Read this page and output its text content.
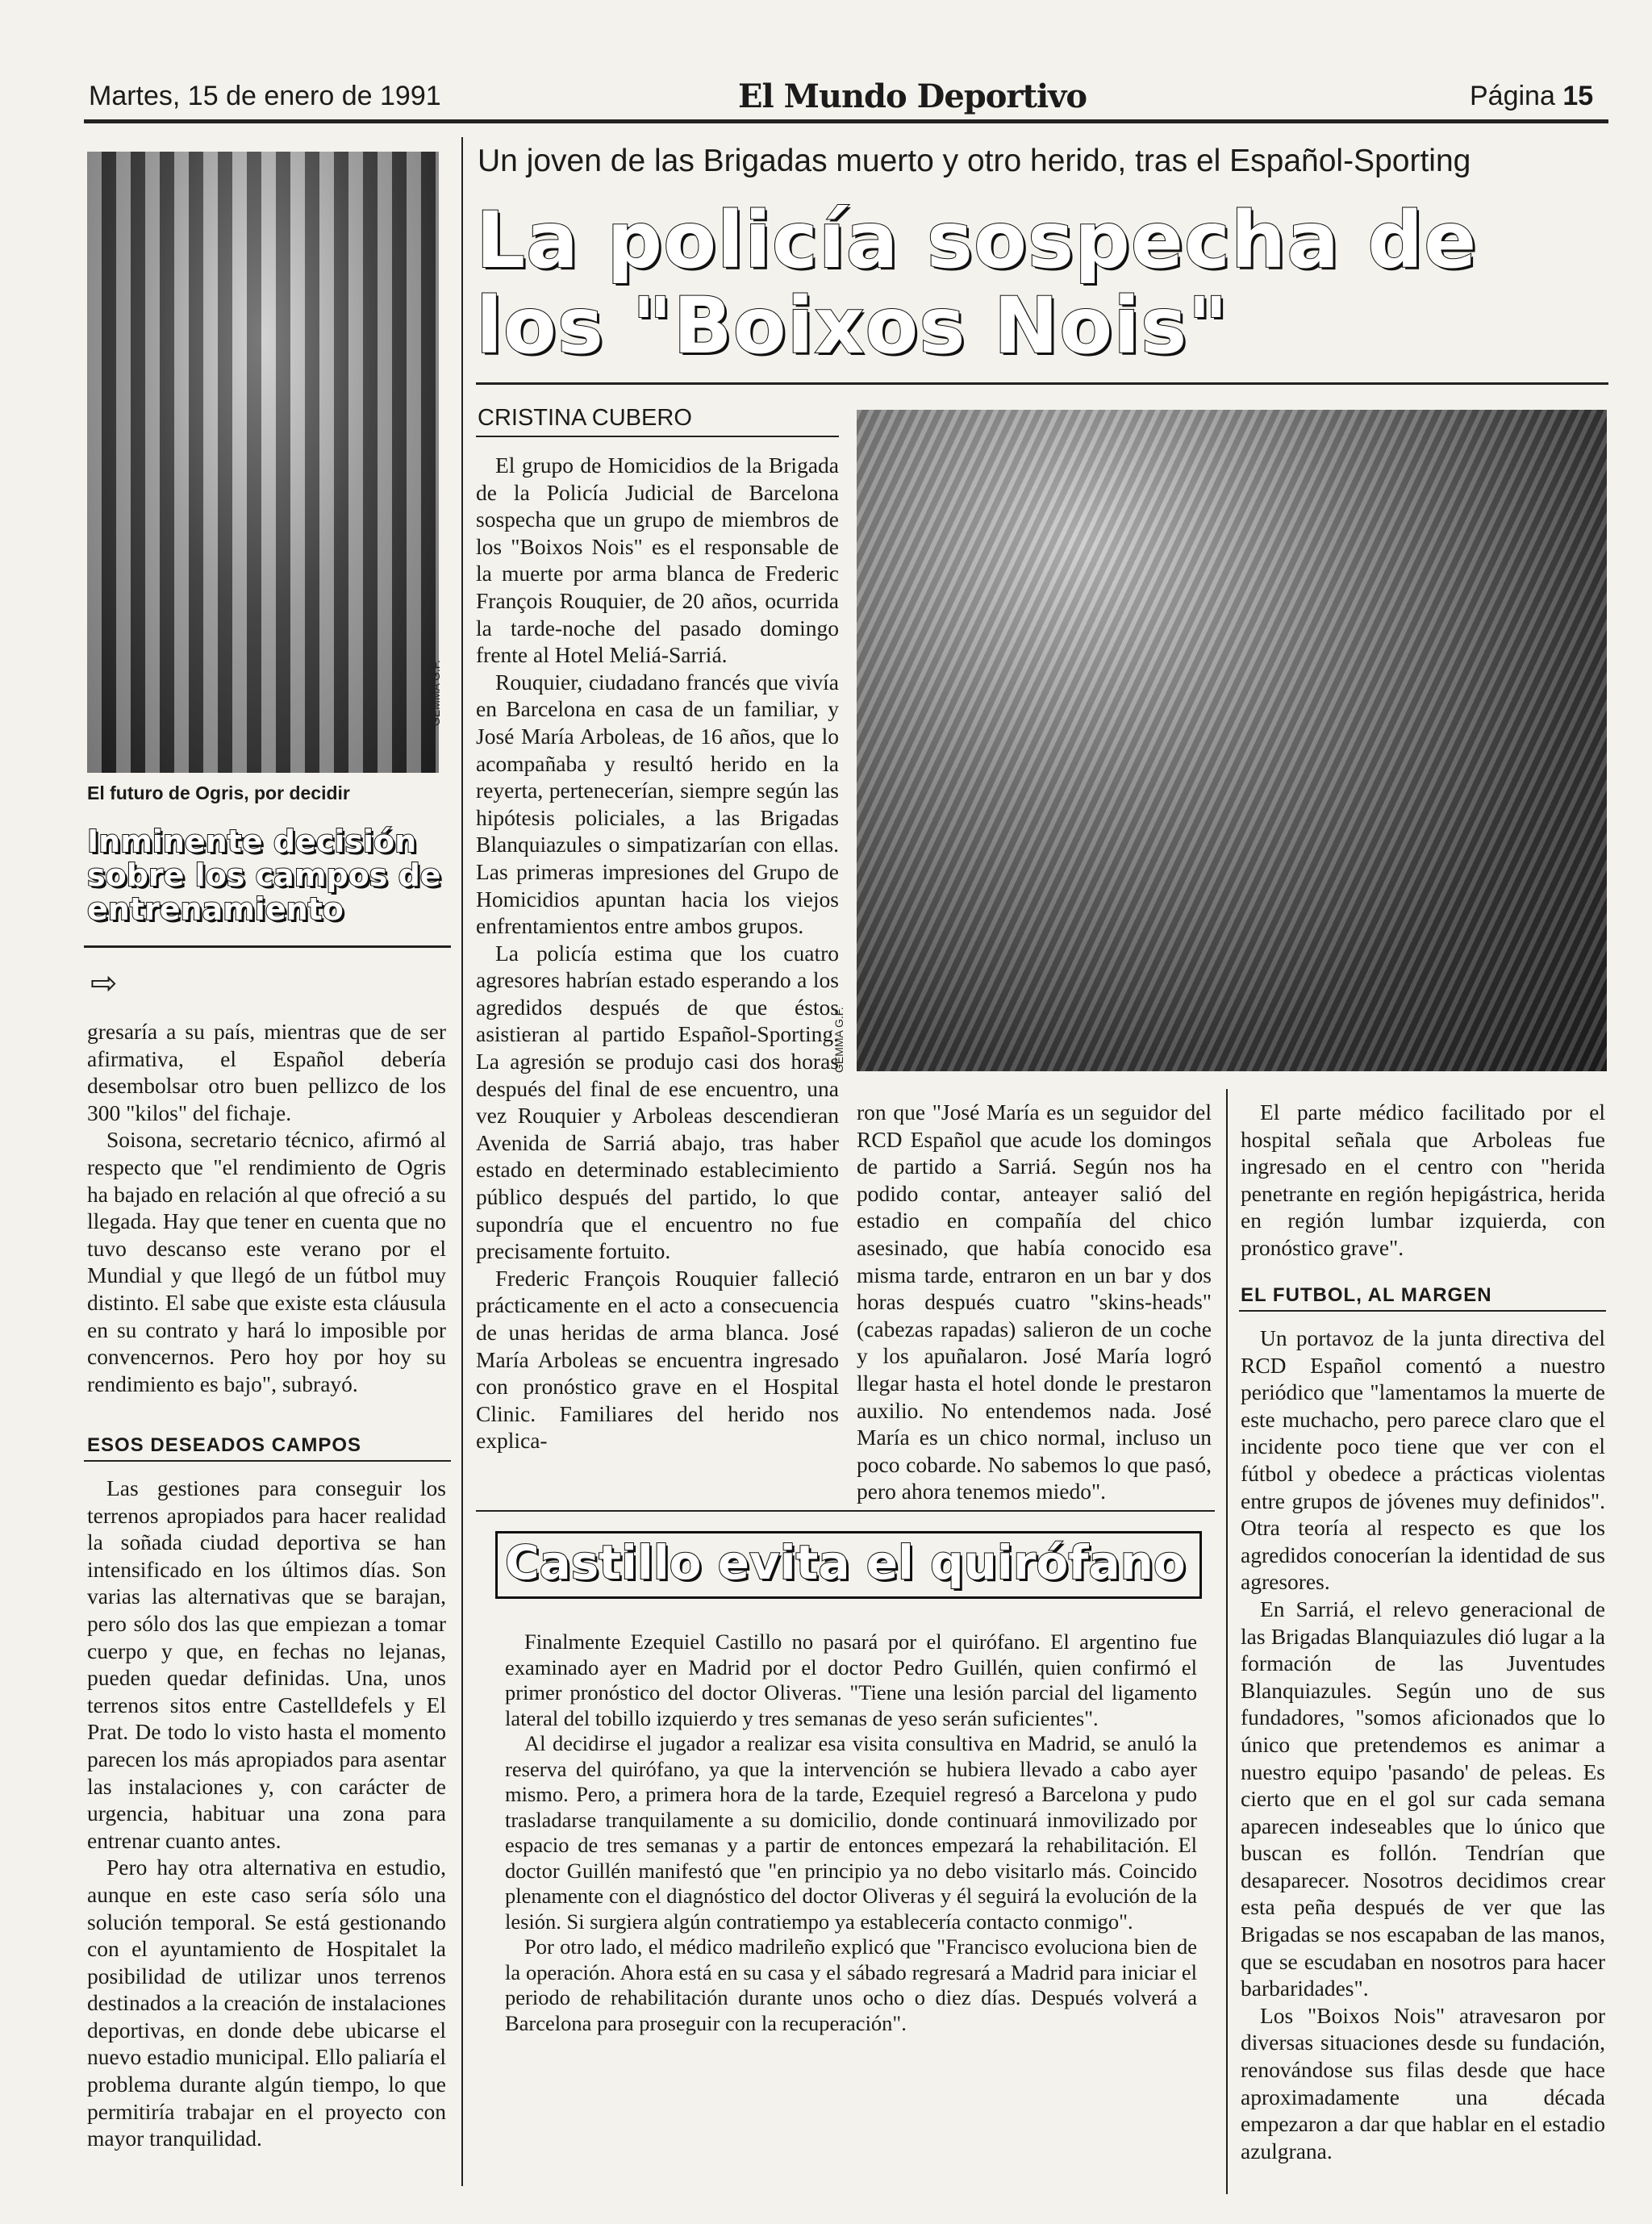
Martes, 15 de enero de 1991	El Mundo Deportivo	Página 15
GEMMA G.F.
El futuro de Ogris, por decidir
Inminente decisión sobre los campos de entrenamiento
⇨

gresaría a su país, mientras que de ser afirmativa, el Español debería desembolsar otro buen pellizco de los 300 "kilos" del fichaje.

Soisona, secretario técnico, afirmó al respecto que "el rendimiento de Ogris ha bajado en relación al que ofreció a su llegada. Hay que tener en cuenta que no tuvo descanso este verano por el Mundial y que llegó de un fútbol muy distinto. El sabe que existe esta cláusula en su contrato y hará lo imposible por convencernos. Pero hoy por hoy su rendimiento es bajo", subrayó.

ESOS DESEADOS CAMPOS

Las gestiones para conseguir los terrenos apropiados para hacer realidad la soñada ciudad deportiva se han intensificado en los últimos días. Son varias las alternativas que se barajan, pero sólo dos las que empiezan a tomar cuerpo y que, en fechas no lejanas, pueden quedar definidas. Una, unos terrenos sitos entre Castelldefels y El Prat. De todo lo visto hasta el momento parecen los más apropiados para asentar las instalaciones y, con carácter de urgencia, habituar una zona para entrenar cuanto antes.

Pero hay otra alternativa en estudio, aunque en este caso sería sólo una solución temporal. Se está gestionando con el ayuntamiento de Hospitalet la posibilidad de utilizar unos terrenos destinados a la creación de instalaciones deportivas, en donde debe ubicarse el nuevo estadio municipal. Ello paliaría el problema durante algún tiempo, lo que permitiría trabajar en el proyecto con mayor tranquilidad.

Un joven de las Brigadas muerto y otro herido, tras el Español-Sporting
La policía sospecha de
los "Boixos Nois"
CRISTINA CUBERO
GEMMA G.F.

El grupo de Homicidios de la Brigada de la Policía Judicial de Barcelona sospecha que un grupo de miembros de los "Boixos Nois" es el responsable de la muerte por arma blanca de Frederic François Rouquier, de 20 años, ocurrida la tarde-noche del pasado domingo frente al Hotel Meliá-Sarriá.

Rouquier, ciudadano francés que vivía en Barcelona en casa de un familiar, y José María Arboleas, de 16 años, que lo acompañaba y resultó herido en la reyerta, pertenecerían, siempre según las hipótesis policiales, a las Brigadas Blanquiazules o simpatizarían con ellas. Las primeras impresiones del Grupo de Homicidios apuntan hacia los viejos enfrentamientos entre ambos grupos.

La policía estima que los cuatro agresores habrían estado esperando a los agredidos después de que éstos asistieran al partido Español-Sporting. La agresión se produjo casi dos horas después del final de ese encuentro, una vez Rouquier y Arboleas descendieran Avenida de Sarriá abajo, tras haber estado en determinado establecimiento público después del partido, lo que supondría que el encuentro no fue precisamente fortuito.

Frederic François Rouquier falleció prácticamente en el acto a consecuencia de unas heridas de arma blanca. José María Arboleas se encuentra ingresado con pronóstico grave en el Hospital Clinic. Familiares del herido nos explica-

ron que "José María es un seguidor del RCD Español que acude los domingos de partido a Sarriá. Según nos ha podido contar, anteayer salió del estadio en compañía del chico asesinado, que había conocido esa misma tarde, entraron en un bar y dos horas después cuatro "skins-heads" (cabezas rapadas) salieron de un coche y los apuñalaron. José María logró llegar hasta el hotel donde le prestaron auxilio. No entendemos nada. José María es un chico normal, incluso un poco cobarde. No sabemos lo que pasó, pero ahora tenemos miedo".

El parte médico facilitado por el hospital señala que Arboleas fue ingresado en el centro con "herida penetrante en región hepigástrica, herida en región lumbar izquierda, con pronóstico grave".

EL FUTBOL, AL MARGEN

Un portavoz de la junta directiva del RCD Español comentó a nuestro periódico que "lamentamos la muerte de este muchacho, pero parece claro que el incidente poco tiene que ver con el fútbol y obedece a prácticas violentas entre grupos de jóvenes muy definidos". Otra teoría al respecto es que los agredidos conocerían la identidad de sus agresores.

En Sarriá, el relevo generacional de las Brigadas Blanquiazules dió lugar a la formación de las Juventudes Blanquiazules. Según uno de sus fundadores, "somos aficionados que lo único que pretendemos es animar a nuestro equipo 'pasando' de peleas. Es cierto que en el gol sur cada semana aparecen indeseables que lo único que buscan es follón. Tendrían que desaparecer. Nosotros decidimos crear esta peña después de ver que las Brigadas se nos escapaban de las manos, que se escudaban en nosotros para hacer barbaridades".

Los "Boixos Nois" atravesaron por diversas situaciones desde su fundación, renovándose sus filas desde que hace aproximadamente una década empezaron a dar que hablar en el estadio azulgrana.

Castillo evita el quirófano

Finalmente Ezequiel Castillo no pasará por el quirófano. El argentino fue examinado ayer en Madrid por el doctor Pedro Guillén, quien confirmó el primer pronóstico del doctor Oliveras. "Tiene una lesión parcial del ligamento lateral del tobillo izquierdo y tres semanas de yeso serán suficientes".

Al decidirse el jugador a realizar esa visita consultiva en Madrid, se anuló la reserva del quirófano, ya que la intervención se hubiera llevado a cabo ayer mismo. Pero, a primera hora de la tarde, Ezequiel regresó a Barcelona y pudo trasladarse tranquilamente a su domicilio, donde continuará inmovilizado por espacio de tres semanas y a partir de entonces empezará la rehabilitación. El doctor Guillén manifestó que "en principio ya no debo visitarlo más. Coincido plenamente con el diagnóstico del doctor Oliveras y él seguirá la evolución de la lesión. Si surgiera algún contratiempo ya establecería contacto conmigo".

Por otro lado, el médico madrileño explicó que "Francisco evoluciona bien de la operación. Ahora está en su casa y el sábado regresará a Madrid para iniciar el periodo de rehabilitación durante unos ocho o diez días. Después volverá a Barcelona para proseguir con la recuperación".
